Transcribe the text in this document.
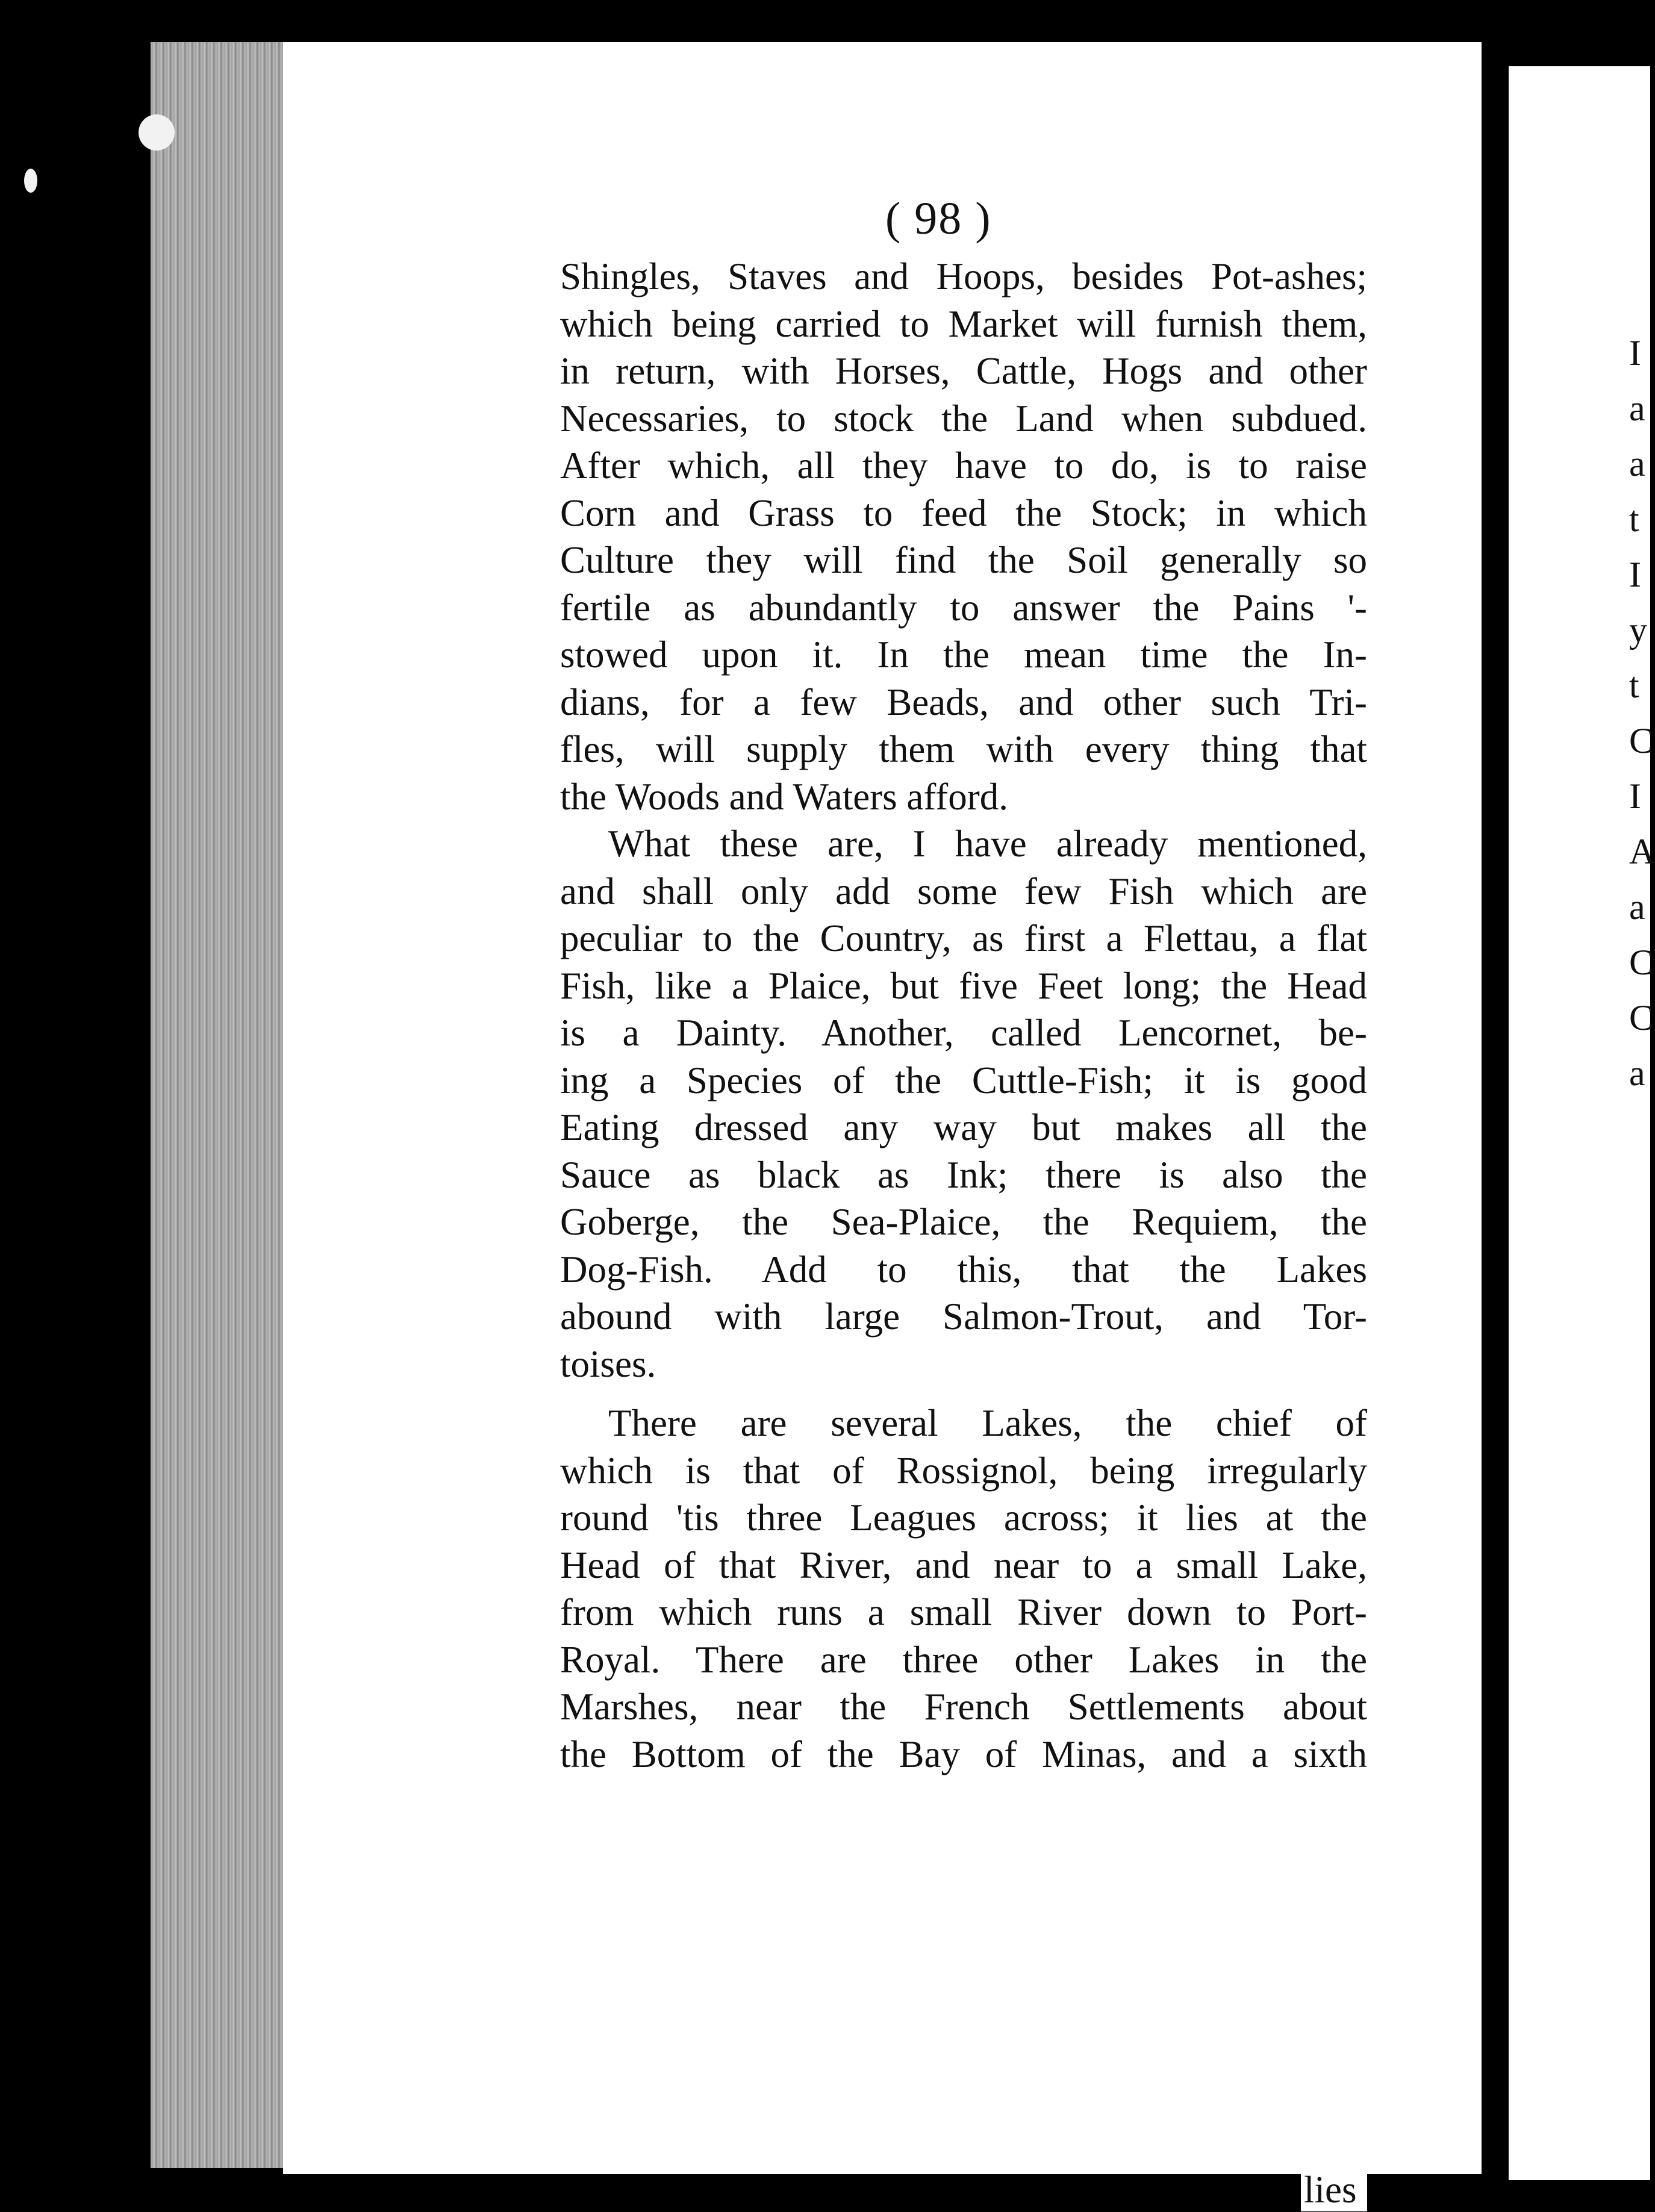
I
a
a
t
I
y
t
C
I
A
a
C
C
a
( 98 )
Shingles, Staves and Hoops, besides Pot-ashes;
which being carried to Market will furnish them,
in return, with Horses, Cattle, Hogs and other
Necessaries, to stock the Land when subdued.
After which, all they have to do, is to raise
Corn and Grass to feed the Stock; in which
Culture they will find the Soil generally so
fertile as abundantly to answer the Pains '-
stowed upon it. In the mean time the In-
dians, for a few Beads, and other such Tri-
fles, will supply them with every thing that
the Woods and Waters afford.
What these are, I have already mentioned,
and shall only add some few Fish which are
peculiar to the Country, as first a Flettau, a flat
Fish, like a Plaice, but five Feet long; the Head
is a Dainty. Another, called Lencornet, be-
ing a Species of the Cuttle-Fish; it is good
Eating dressed any way but makes all the
Sauce as black as Ink; there is also the
Goberge, the Sea-Plaice, the Requiem, the
Dog-Fish. Add to this, that the Lakes
abound with large Salmon-Trout, and Tor-
toises.
There are several Lakes, the chief of
which is that of Rossignol, being irregularly
round 'tis three Leagues across; it lies at the
Head of that River, and near to a small Lake,
from which runs a small River down to Port-
Royal. There are three other Lakes in the
Marshes, near the French Settlements about
the Bottom of the Bay of Minas, and a sixth
lies
